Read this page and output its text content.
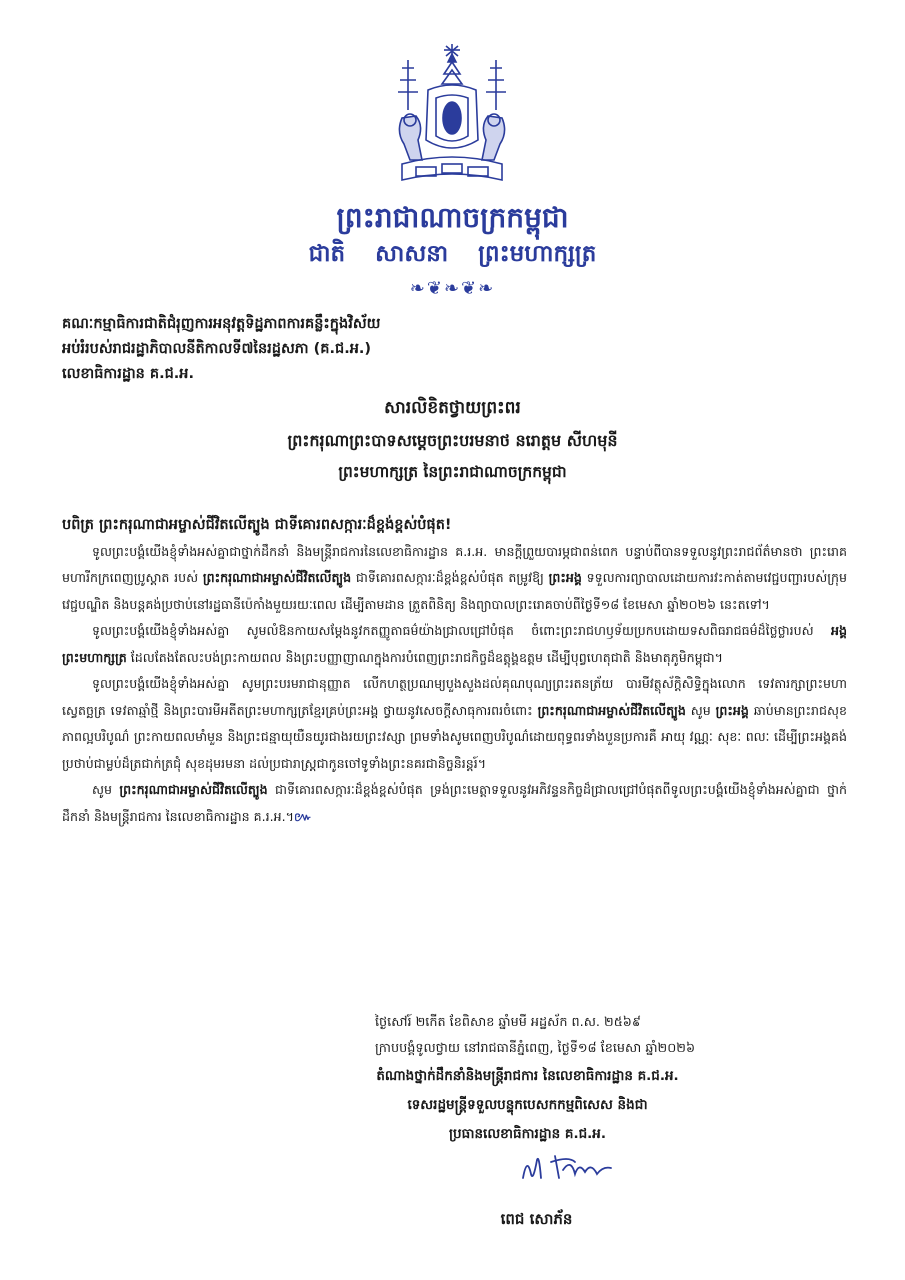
ព្រះរាជាណាចក្រកម្ពុជា
ជាតិ សាសនា ព្រះមហាក្សត្រ
❧❦❧❦❧
គណៈកម្មាធិការជាតិជំរុញការអនុវត្តទិដ្ឋភាពការគន្លឹះក្នុងវិស័យ
អប់រំរបស់រាជរដ្ឋាភិបាលនីតិកាលទី៧នៃរដ្ឋសភា (គ.ជ.អ.)
លេខាធិការដ្ឋាន គ.ជ.អ.
សារលិខិតថ្វាយព្រះពរ
ព្រះករុណាព្រះបាទសម្តេចព្រះបរមនាថ នរោត្តម សីហមុនី
ព្រះមហាក្សត្រ នៃព្រះរាជាណាចក្រកម្ពុជា
បពិត្រ ព្រះករុណាជាអម្ចាស់ជីវិតលើត្បូង ជាទីគោរពសក្ការៈដ៏ខ្ពង់ខ្ពស់បំផុត!

ទូលព្រះបង្គំយើងខ្ញុំទាំងអស់គ្នាជាថ្នាក់ដឹកនាំ និងមន្ត្រីរាជការនៃលេខាធិការដ្ឋាន គ.រ.អ. មានក្តីព្រួយបារម្ភជាពន់ពេក បន្ទាប់ពីបានទទួលនូវព្រះរាជព័ត៌មានថា ព្រះរោគមហារីកក្រពេញប្រូស្តាត របស់ ព្រះករុណាជាអម្ចាស់ជីវិតលើត្បូង ជាទីគោរពសក្ការៈដ៏ខ្ពង់ខ្ពស់បំផុត តម្រូវឱ្យ ព្រះអង្គ ទទួលការព្យាបាលដោយការវះកាត់តាមវេជ្ជបញ្ជារបស់ក្រុមវេជ្ជបណ្ឌិត និងបន្តគង់ប្រថាប់នៅរដ្ឋធានីប៉េកាំងមួយរយៈពេល ដើម្បីតាមដាន ត្រួតពិនិត្យ និងព្យាបាលព្រះរោគចាប់ពីថ្ងៃទី១៨ ខែមេសា ឆ្នាំ២០២៦ នេះតទៅ។

ទូលព្រះបង្គំយើងខ្ញុំទាំងអស់គ្នា សូមលំឱនកាយសម្តែងនូវកតញ្ញូតាធម៌យ៉ាងជ្រាលជ្រៅបំផុត ចំពោះព្រះរាជហឫទ័យប្រកបដោយទសពិធរាជធម៌ដ៏ថ្លៃថ្លារបស់ អង្គព្រះមហាក្សត្រ ដែលតែងតែលះបង់ព្រះកាយពល និងព្រះបញ្ញាញាណក្នុងការបំពេញព្រះរាជកិច្ចដ៏ឧត្តុង្គឧត្តម ដើម្បីបុព្វហេតុជាតិ និងមាតុភូមិកម្ពុជា។

ទូលព្រះបង្គំយើងខ្ញុំទាំងអស់គ្នា សូមព្រះបរមរាជានុញ្ញាត លើកហត្ថប្រណម្យបួងសួងដល់គុណបុណ្យព្រះរតនត្រ័យ បារមីវត្ថុស័ក្តិសិទ្ធិក្នុងលោក ទេវតារក្សាព្រះមហាស្វេតច្ឆត្រ ទេវតាឆ្មាំថ្មី និងព្រះបារមីអតីតព្រះមហាក្សត្រខ្មែរគ្រប់ព្រះអង្គ ថ្វាយនូវសេចក្តីសាធុការពរចំពោះ ព្រះករុណាជាអម្ចាស់ជីវិតលើត្បូង សូម ព្រះអង្គ ឆាប់មានព្រះរាជសុខភាពល្អបរិបូណ៌ ព្រះកាយពលមាំមួន និងព្រះជន្មាយុយឺនយូរជាងរយព្រះវស្សា ព្រមទាំងសូមពេញបរិបូណ៌ដោយពុទ្ធពរទាំងបួនប្រការគឺ អាយុ វណ្ណៈ សុខៈ ពលៈ ដើម្បីព្រះអង្គគង់ប្រថាប់ជាម្លប់ដ៏ត្រជាក់ត្រជុំ សុខដុមរមនា ដល់ប្រជារាស្ត្រជាកូនចៅទូទាំងព្រះនគរជានិច្ចនិរន្តរ៍។

សូម ព្រះករុណាជាអម្ចាស់ជីវិតលើត្បូង ជាទីគោរពសក្ការៈដ៏ខ្ពង់ខ្ពស់បំផុត ទ្រង់ព្រះមេត្តាទទួលនូវអភិវន្ទនកិច្ចដ៏ជ្រាលជ្រៅបំផុតពីទូលព្រះបង្គំយើងខ្ញុំទាំងអស់គ្នាជា ថ្នាក់ដឹកនាំ និងមន្ត្រីរាជការ នៃលេខាធិការដ្ឋាន គ.រ.អ.។៚

ថ្ងៃសៅរ៍ ២កើត ខែពិសាខ ឆ្នាំមមី អដ្ឋស័ក ព.ស. ២៥៦៩
ក្រាបបង្គំទូលថ្វាយ នៅរាជធានីភ្នំពេញ, ថ្ងៃទី១៨ ខែមេសា ឆ្នាំ២០២៦
តំណាងថ្នាក់ដឹកនាំនិងមន្ត្រីរាជការ នៃលេខាធិការដ្ឋាន គ.ជ.អ.
ទេសរដ្ឋមន្ត្រីទទួលបន្ទុកបេសកកម្មពិសេស និងជា
ប្រធានលេខាធិការដ្ឋាន គ.ជ.អ.
ពេជ សោភ័ន
